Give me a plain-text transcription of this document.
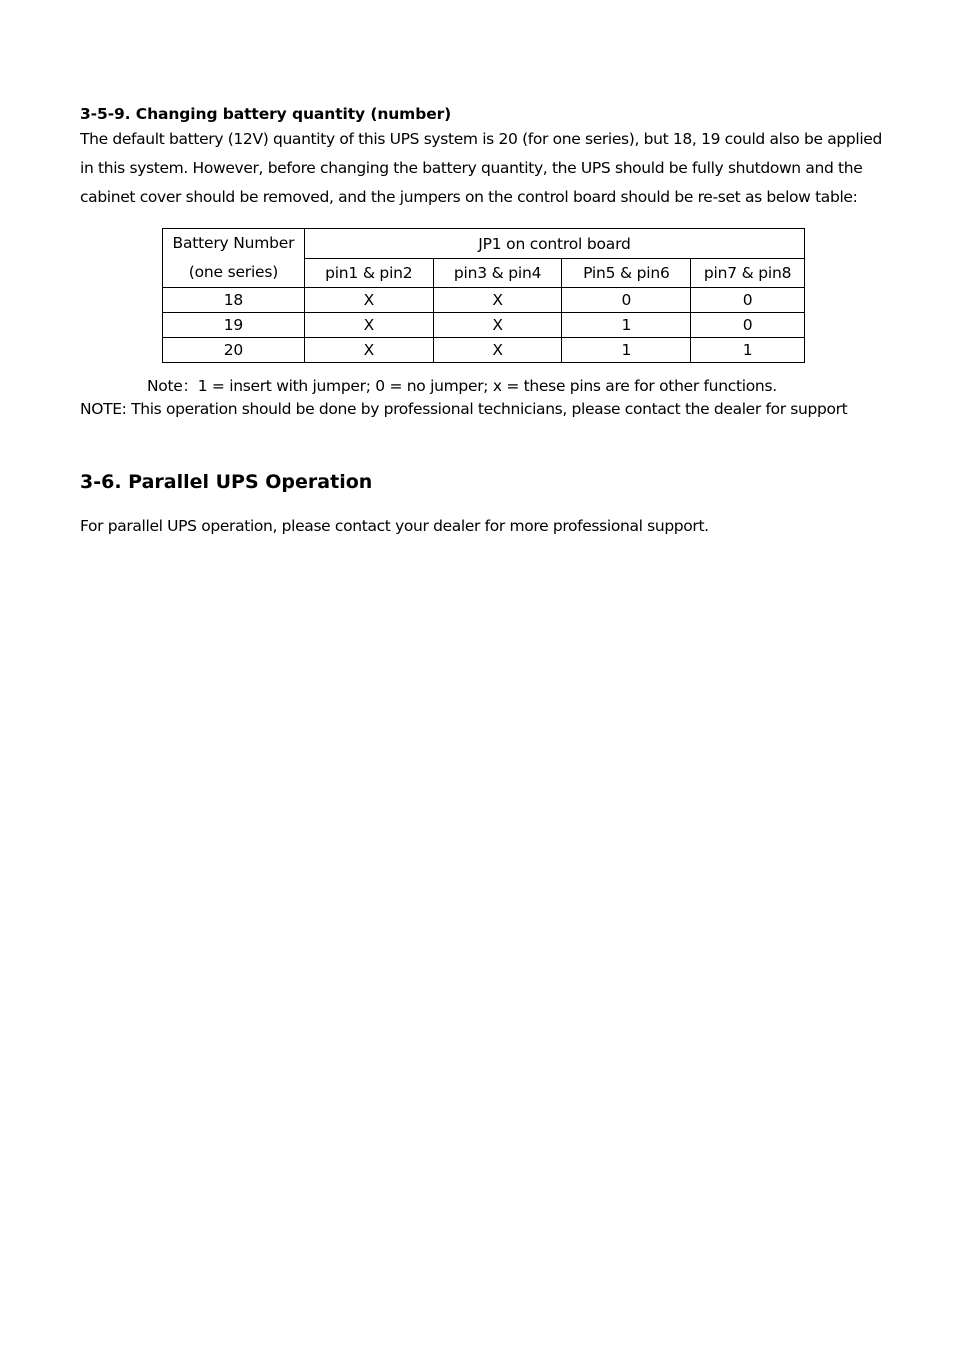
3-5-9. Changing battery quantity (number)

The default battery (12V) quantity of this UPS system is 20 (for one series), but 18, 19 could also be applied in this system. However, before changing the battery quantity, the UPS should be fully shutdown and the cabinet cover should be removed, and the jumpers on the control board should be re-set as below table:

Battery Number
(one series)	JP1 on control board			
	pin1 & pin2	pin3 & pin4	Pin5 & pin6	pin7 & pin8
18	X	X	0	0
19	X	X	1	0
20	X	X	1	1

Note：1 = insert with jumper; 0 = no jumper; x = these pins are for other functions.

NOTE: This operation should be done by professional technicians, please contact the dealer for support

3-6. Parallel UPS Operation

For parallel UPS operation, please contact your dealer for more professional support.
